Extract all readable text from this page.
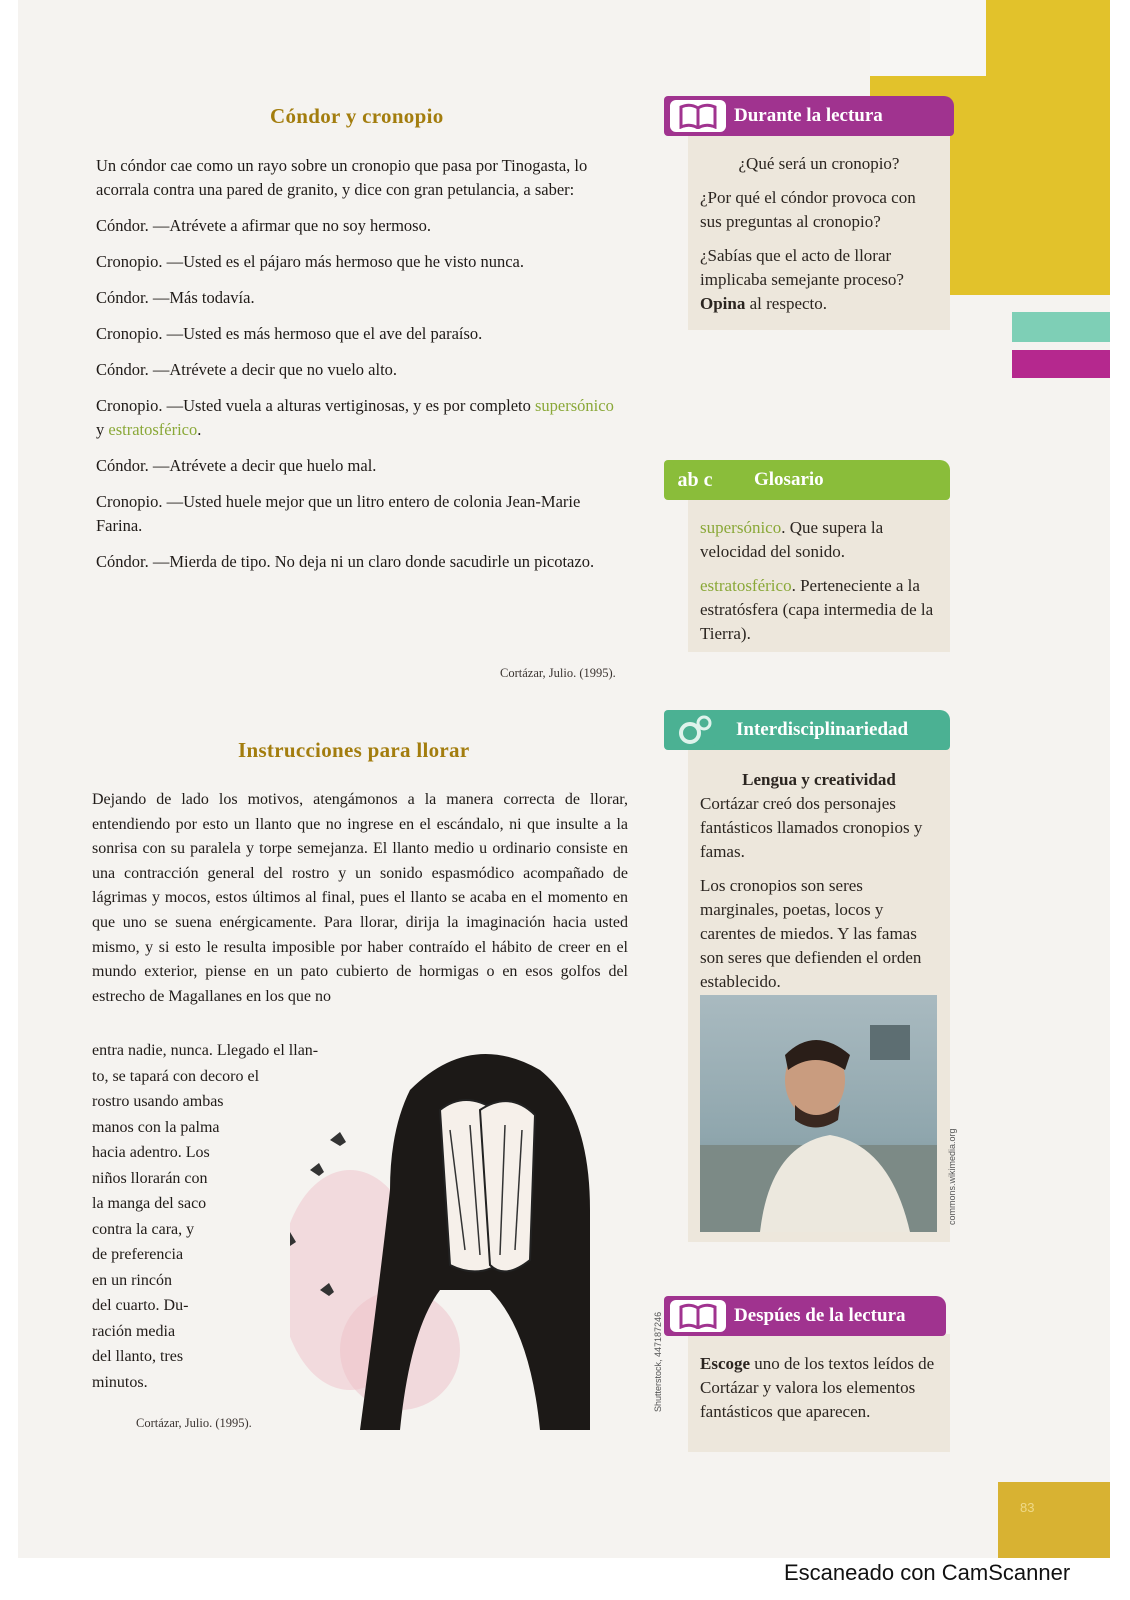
83
Cóndor y cronopio

Un cóndor cae como un rayo sobre un cronopio que pasa por Tinogasta, lo acorrala contra una pared de granito, y dice con gran petulancia, a saber:

Cóndor. —Atrévete a afirmar que no soy hermoso.

Cronopio. —Usted es el pájaro más hermoso que he visto nunca.

Cóndor. —Más todavía.

Cronopio. —Usted es más hermoso que el ave del paraíso.

Cóndor. —Atrévete a decir que no vuelo alto.

Cronopio. —Usted vuela a alturas vertiginosas, y es por completo supersónico y estratosférico.

Cóndor. —Atrévete a decir que huelo mal.

Cronopio. —Usted huele mejor que un litro entero de colonia Jean-Marie Farina.

Cóndor. —Mierda de tipo. No deja ni un claro donde sacudirle un picotazo.

Cortázar, Julio. (1995).
Instrucciones para llorar
Dejando de lado los motivos, atengámonos a la manera correcta de llorar, entendiendo por esto un llanto que no ingrese en el escándalo, ni que insulte a la sonrisa con su paralela y torpe semejanza. El llanto medio u ordinario consiste en una contracción general del rostro y un sonido espasmódico acompañado de lágrimas y mocos, estos últimos al final, pues el llanto se acaba en el momento en que uno se suena enérgicamente. Para llorar, dirija la imaginación hacia usted mismo, y si esto le resulta imposible por haber contraído el hábito de creer en el mundo exterior, piense en un pato cubierto de hormigas o en esos golfos del estrecho de Magallanes en los que no
entra nadie, nunca. Llegado el llan-
to, se tapará con decoro el
rostro usando ambas
manos con la palma
hacia adentro. Los
niños llorarán con
la manga del saco
contra la cara, y
de preferencia
en un rincón
del cuarto. Du-
ración media
del llanto, tres
minutos.
Cortázar, Julio. (1995).
Shutterstock, 447187246

¿Qué será un cronopio?

¿Por qué el cóndor provoca con sus preguntas al cronopio?

¿Sabías que el acto de llorar implicaba semejante proceso? Opina al respecto.

Durante la lectura

supersónico. Que supera la velocidad del sonido.

estratosférico. Perteneciente a la estratósfera (capa intermedia de la Tierra).

ab c Glosario

Lengua y creatividad

Cortázar creó dos personajes fantásticos llamados cronopios y famas.

Los cronopios son seres marginales, poetas, locos y carentes de miedos. Y las famas son seres que defienden el orden establecido.

Interdisciplinariedad
commons.wikimedia.org

Escoge uno de los textos leídos de Cortázar y valora los elementos fantásticos que aparecen.

Despúes de la lectura
Escaneado con CamScanner
